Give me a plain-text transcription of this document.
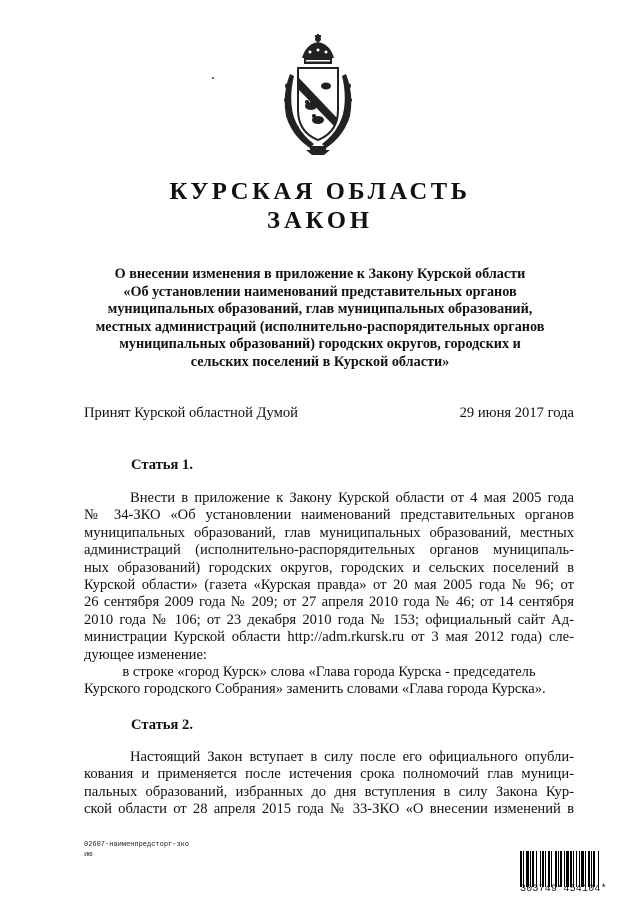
КУРСКАЯ ОБЛАСТЬ
ЗАКОН
О внесении изменения в приложение к Закону Курской области
«Об установлении наименований представительных органов
муниципальных образований, глав муниципальных образований,
местных администраций (исполнительно-распорядительных органов
муниципальных образований) городских округов, городских и
сельских поселений в Курской области»
Принят Курской областной Думой	29 июня 2017 года
Статья 1.
Внести в приложение к Закону Курской области от 4 мая 2005 года
№ 34-ЗКО «Об установлении наименований представительных органов
муниципальных образований, глав муниципальных образований, местных
администраций (исполнительно-распорядительных органов муниципаль-
ных образований) городских округов, городских и сельских поселений в
Курской области» (газета «Курская правда» от 20 мая 2005 года № 96; от
26 сентября 2009 года № 209; от 27 апреля 2010 года № 46; от 14 сентября
2010 года № 106; от 23 декабря 2010 года № 153; официальный сайт Ад-
министрации Курской области http://adm.rkursk.ru от 3 мая 2012 года) сле-
дующее изменение:
в строке «город Курск» слова «Глава города Курска - председатель
Курского городского Собрания» заменить словами «Глава города Курска».
Статья 2.
Настоящий Закон вступает в силу после его официального опубли-
кования и применяется после истечения срока полномочий глав муници-
пальных образований, избранных до дня вступления в силу Закона Кур-
ской области от 28 апреля 2015 года № 33-ЗКО «О внесении изменений в
02607-наименпредсторг-зко
ию
303749*454104*
